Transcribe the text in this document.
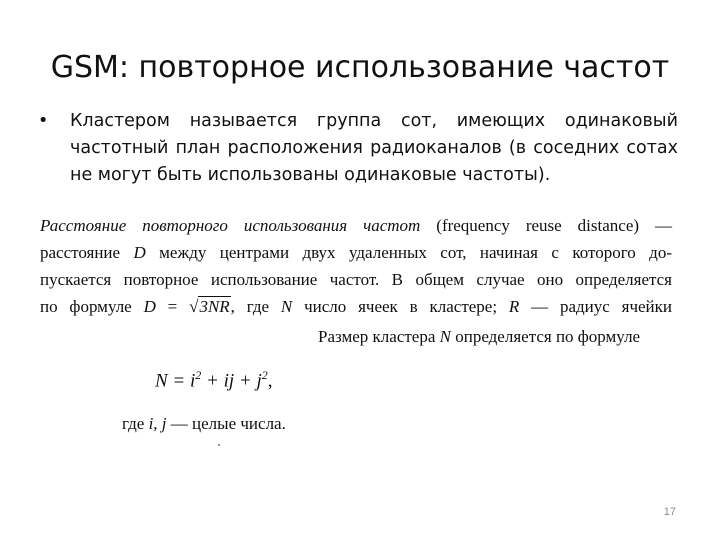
GSM: повторное использование частот
• Кластером называется группа сот, имеющих одинаковый частотный план расположения радиоканалов (в соседних сотах не могут быть использованы одинаковые частоты).
Расстояние повторного использования частот (frequency reuse distance) —
расстояние D между центрами двух удаленных сот, начиная с которого до-
пускается повторное использование частот. В общем случае оно определяется
по формуле D = √3NR, где N число ячеек в кластере; R — радиус ячейки
Размер кластера N определяется по формуле
$N = i^2$ + ij + $j^2$,
где i, j — целые числа.
17
